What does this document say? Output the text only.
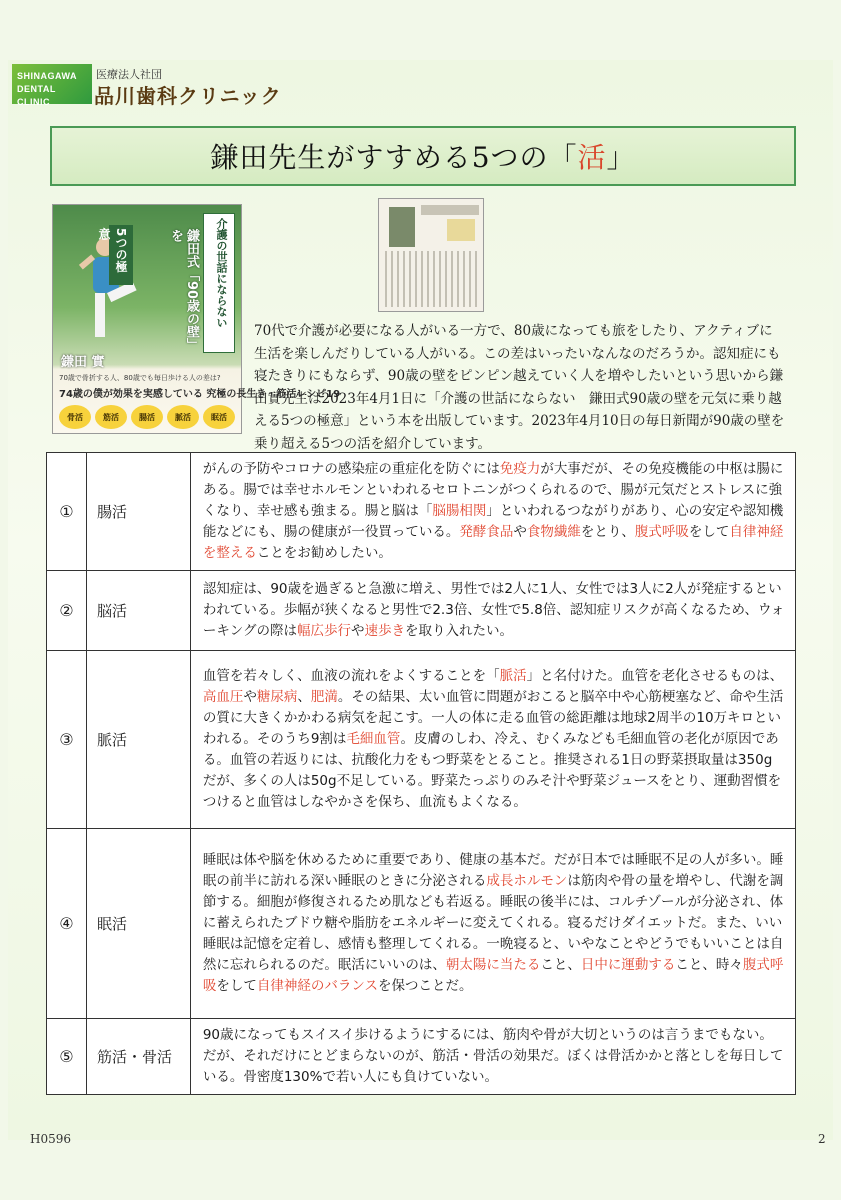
SHINAGAWA
DENTAL CLINIC
医療法人社団
品川歯科クリニック
鎌田先生がすすめる5つの「活」
介護の世話にならない
鎌田式「90歳の壁」を
5つの極意
鎌田 實
70歳で骨折する人、80歳でも毎日歩ける人の差は?
74歳の僕が効果を実感している 究極の長生き・筋活レシピ19
骨活	筋活	腸活	脈活	眠活
70代で介護が必要になる人がいる一方で、80歳になっても旅をしたり、アクティブに生活を楽しんだりしている人がいる。この差はいったいなんなのだろうか。認知症にも寝たきりにもならず、90歳の壁をピンピン越えていく人を増やしたいという思いから鎌田實先生は2023年4月1日に「介護の世話にならない　鎌田式90歳の壁を元気に乗り越える5つの極意」という本を出版しています。2023年4月10日の毎日新聞が90歳の壁を乗り超える5つの活を紹介しています。
①	腸活	がんの予防やコロナの感染症の重症化を防ぐには免疫力が大事だが、その免疫機能の中枢は腸にある。腸では幸せホルモンといわれるセロトニンがつくられるので、腸が元気だとストレスに強くなり、幸せ感も強まる。腸と脳は「脳腸相関」といわれるつながりがあり、心の安定や認知機能などにも、腸の健康が一役買っている。発酵食品や食物繊維をとり、腹式呼吸をして自律神経を整えることをお勧めしたい。
②	脳活	認知症は、90歳を過ぎると急激に増え、男性では2人に1人、女性では3人に2人が発症するといわれている。歩幅が狭くなると男性で2.3倍、女性で5.8倍、認知症リスクが高くなるため、ウォーキングの際は幅広歩行や速歩きを取り入れたい。
③	脈活	血管を若々しく、血液の流れをよくすることを「脈活」と名付けた。血管を老化させるものは、高血圧や糖尿病、肥満。その結果、太い血管に問題がおこると脳卒中や心筋梗塞など、命や生活の質に大きくかかわる病気を起こす。一人の体に走る血管の総距離は地球2周半の10万キロといわれる。そのうち9割は毛細血管。皮膚のしわ、冷え、むくみなども毛細血管の老化が原因である。血管の若返りには、抗酸化力をもつ野菜をとること。推奨される1日の野菜摂取量は350gだが、多くの人は50g不足している。野菜たっぷりのみそ汁や野菜ジュースをとり、運動習慣をつけると血管はしなやかさを保ち、血流もよくなる。
④	眠活	睡眠は体や脳を休めるために重要であり、健康の基本だ。だが日本では睡眠不足の人が多い。睡眠の前半に訪れる深い睡眠のときに分泌される成長ホルモンは筋肉や骨の量を増やし、代謝を調節する。細胞が修復されるため肌なども若返る。睡眠の後半には、コルチゾールが分泌され、体に蓄えられたブドウ糖や脂肪をエネルギーに変えてくれる。寝るだけダイエットだ。また、いい睡眠は記憶を定着し、感情も整理してくれる。一晩寝ると、いやなことやどうでもいいことは自然に忘れられるのだ。眠活にいいのは、朝太陽に当たること、日中に運動すること、時々腹式呼吸をして自律神経のバランスを保つことだ。
⑤	筋活・骨活	90歳になってもスイスイ歩けるようにするには、筋肉や骨が大切というのは言うまでもない。だが、それだけにとどまらないのが、筋活・骨活の効果だ。ぼくは骨活かかと落としを毎日している。骨密度130%で若い人にも負けていない。
H0596	2
